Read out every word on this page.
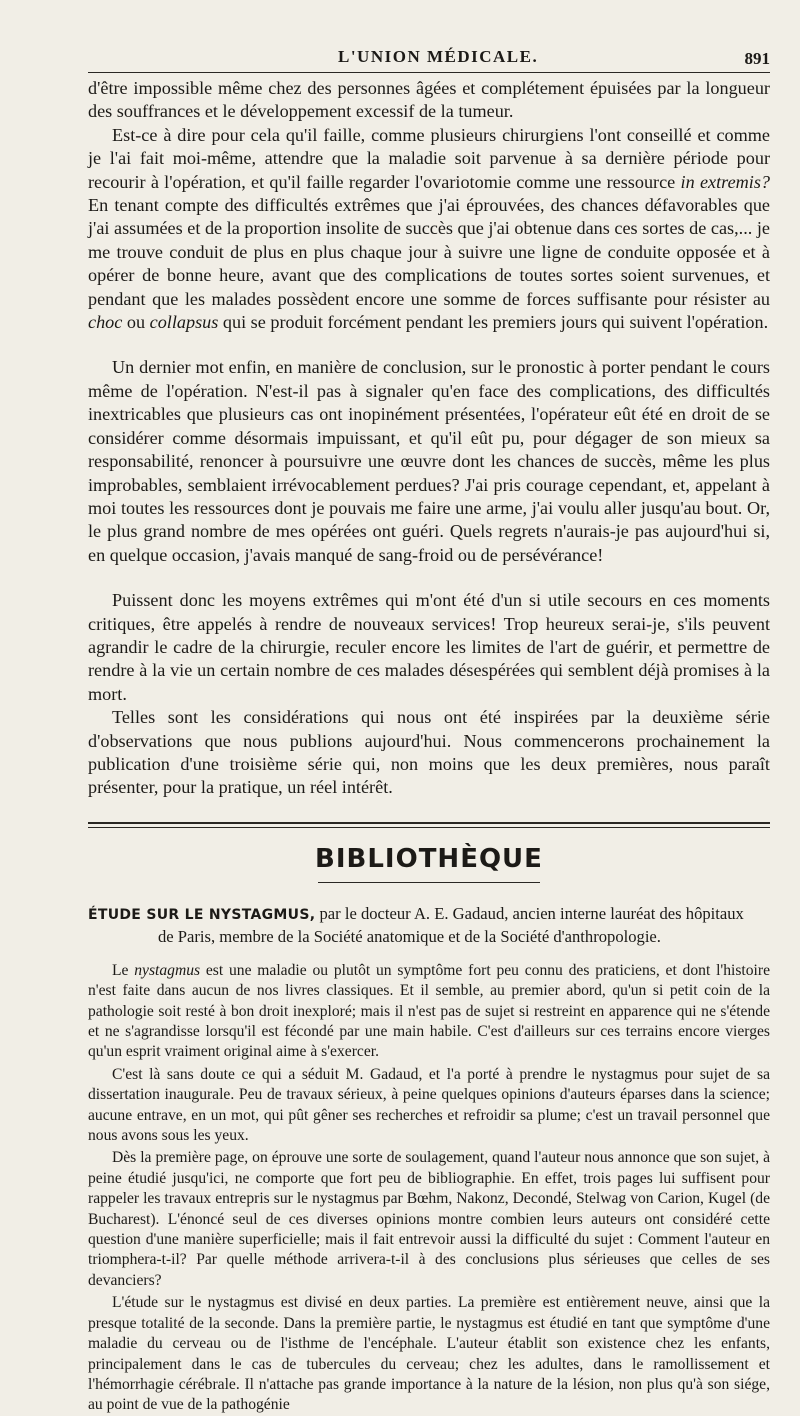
L'UNION MÉDICALE.	891

d'être impossible même chez des personnes âgées et complétement épuisées par la longueur des souffrances et le développement excessif de la tumeur.

Est-ce à dire pour cela qu'il faille, comme plusieurs chirurgiens l'ont conseillé et comme je l'ai fait moi-même, attendre que la maladie soit parvenue à sa dernière période pour recourir à l'opération, et qu'il faille regarder l'ovariotomie comme une ressource in extremis? En tenant compte des difficultés extrêmes que j'ai éprouvées, des chances défavorables que j'ai assumées et de la proportion insolite de succès que j'ai obtenue dans ces sortes de cas,... je me trouve conduit de plus en plus chaque jour à suivre une ligne de conduite opposée et à opérer de bonne heure, avant que des complications de toutes sortes soient survenues, et pendant que les malades possèdent encore une somme de forces suffisante pour résister au choc ou collapsus qui se produit forcément pendant les premiers jours qui suivent l'opération.

Un dernier mot enfin, en manière de conclusion, sur le pronostic à porter pendant le cours même de l'opération. N'est-il pas à signaler qu'en face des complications, des difficultés inextricables que plusieurs cas ont inopinément présentées, l'opérateur eût été en droit de se considérer comme désormais impuissant, et qu'il eût pu, pour dégager de son mieux sa responsabilité, renoncer à poursuivre une œuvre dont les chances de succès, même les plus improbables, semblaient irrévocablement perdues? J'ai pris courage cependant, et, appelant à moi toutes les ressources dont je pouvais me faire une arme, j'ai voulu aller jusqu'au bout. Or, le plus grand nombre de mes opérées ont guéri. Quels regrets n'aurais-je pas aujourd'hui si, en quelque occasion, j'avais manqué de sang-froid ou de persévérance!

Puissent donc les moyens extrêmes qui m'ont été d'un si utile secours en ces moments critiques, être appelés à rendre de nouveaux services! Trop heureux serai-je, s'ils peuvent agrandir le cadre de la chirurgie, reculer encore les limites de l'art de guérir, et permettre de rendre à la vie un certain nombre de ces malades désespérées qui semblent déjà promises à la mort.

Telles sont les considérations qui nous ont été inspirées par la deuxième série d'observations que nous publions aujourd'hui. Nous commencerons prochainement la publication d'une troisième série qui, non moins que les deux premières, nous paraît présenter, pour la pratique, un réel intérêt.

BIBLIOTHÈQUE
ÉTUDE SUR LE NYSTAGMUS, par le docteur A. E. Gadaud, ancien interne lauréat des hôpitaux
de Paris, membre de la Société anatomique et de la Société d'anthropologie.

Le nystagmus est une maladie ou plutôt un symptôme fort peu connu des praticiens, et dont l'histoire n'est faite dans aucun de nos livres classiques. Et il semble, au premier abord, qu'un si petit coin de la pathologie soit resté à bon droit inexploré; mais il n'est pas de sujet si restreint en apparence qui ne s'étende et ne s'agrandisse lorsqu'il est fécondé par une main habile. C'est d'ailleurs sur ces terrains encore vierges qu'un esprit vraiment original aime à s'exercer.

C'est là sans doute ce qui a séduit M. Gadaud, et l'a porté à prendre le nystagmus pour sujet de sa dissertation inaugurale. Peu de travaux sérieux, à peine quelques opinions d'auteurs éparses dans la science; aucune entrave, en un mot, qui pût gêner ses recherches et refroidir sa plume; c'est un travail personnel que nous avons sous les yeux.

Dès la première page, on éprouve une sorte de soulagement, quand l'auteur nous annonce que son sujet, à peine étudié jusqu'ici, ne comporte que fort peu de bibliographie. En effet, trois pages lui suffisent pour rappeler les travaux entrepris sur le nystagmus par Bœhm, Nakonz, Decondé, Stelwag von Carion, Kugel (de Bucharest). L'énoncé seul de ces diverses opinions montre combien leurs auteurs ont considéré cette question d'une manière superficielle; mais il fait entrevoir aussi la difficulté du sujet : Comment l'auteur en triomphera-t-il? Par quelle méthode arrivera-t-il à des conclusions plus sérieuses que celles de ses devanciers?

L'étude sur le nystagmus est divisé en deux parties. La première est entièrement neuve, ainsi que la presque totalité de la seconde. Dans la première partie, le nystagmus est étudié en tant que symptôme d'une maladie du cerveau ou de l'isthme de l'encéphale. L'auteur établit son existence chez les enfants, principalement dans le cas de tubercules du cerveau; chez les adultes, dans le ramollissement et l'hémorrhagie cérébrale. Il n'attache pas grande importance à la nature de la lésion, non plus qu'à son siége, au point de vue de la pathogénie
